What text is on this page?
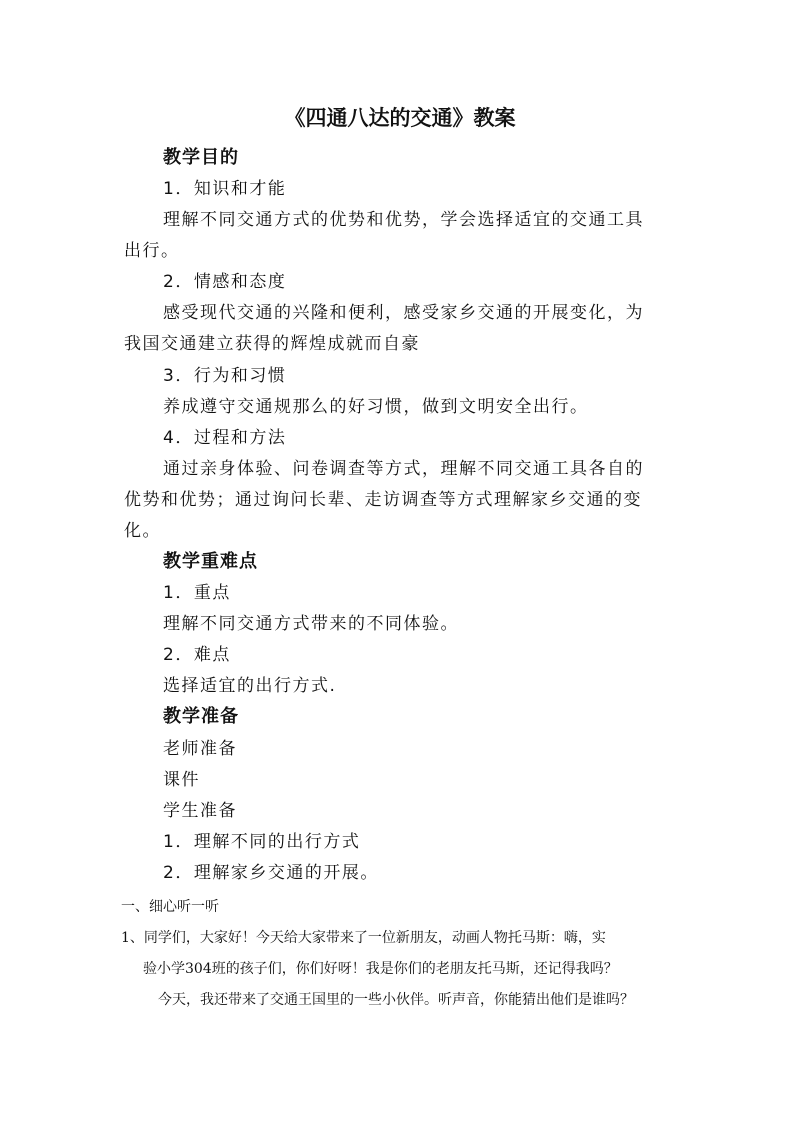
《四通八达的交通》教案
教学目的
1．知识和才能
理解不同交通方式的优势和优势，学会选择适宜的交通工具
出行。
2．情感和态度
感受现代交通的兴隆和便利，感受家乡交通的开展变化，为
我国交通建立获得的辉煌成就而自豪
3．行为和习惯
养成遵守交通规那么的好习惯，做到文明安全出行。
4．过程和方法
通过亲身体验、问卷调查等方式，理解不同交通工具各自的
优势和优势；通过询问长辈、走访调查等方式理解家乡交通的变
化。
教学重难点
1．重点
理解不同交通方式带来的不同体验。
2．难点
选择适宜的出行方式.
教学准备
老师准备
课件
学生准备
1．理解不同的出行方式
2．理解家乡交通的开展。
一、细心听一听
1、同学们，大家好！今天给大家带来了一位新朋友，动画人物托马斯：嗨，实
验小学304班的孩子们，你们好呀！我是你们的老朋友托马斯，还记得我吗？
今天，我还带来了交通王国里的一些小伙伴。听声音，你能猜出他们是谁吗？
